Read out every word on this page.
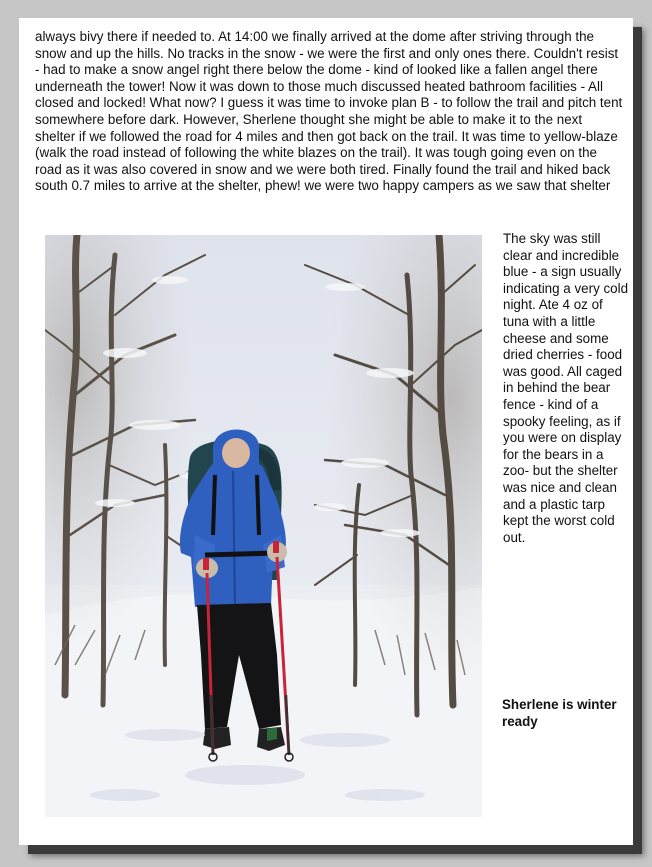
always bivy there if needed to. At 14:00 we finally arrived at the dome after striving through the snow and up the hills. No tracks in the snow - we were the first and only ones there. Couldn't resist - had to make a snow angel right there below the dome - kind of looked like a fallen angel there underneath the tower! Now it was down to those much discussed heated bathroom facilities - All closed and locked! What now? I guess it was time to invoke plan B - to follow the trail and pitch tent somewhere before dark. However, Sherlene thought she might be able to make it to the next shelter if we followed the road for 4 miles and then got back on the trail. It was time to yellow-blaze (walk the road instead of following the white blazes on the trail). It was tough going even on the road as it was also covered in snow and we were both tired. Finally found the trail and hiked back south 0.7 miles to arrive at the shelter, phew! we were two happy campers as we saw that shelter

The sky was still clear and incredible blue - a sign usually indicating a very cold night. Ate 4 oz of tuna with a little cheese and some dried cherries - food was good. All caged in behind the bear fence - kind of a spooky feeling, as if you were on display for the bears in a zoo- but the shelter was nice and clean and a plastic tarp kept the worst cold out.

Sherlene is winter ready
